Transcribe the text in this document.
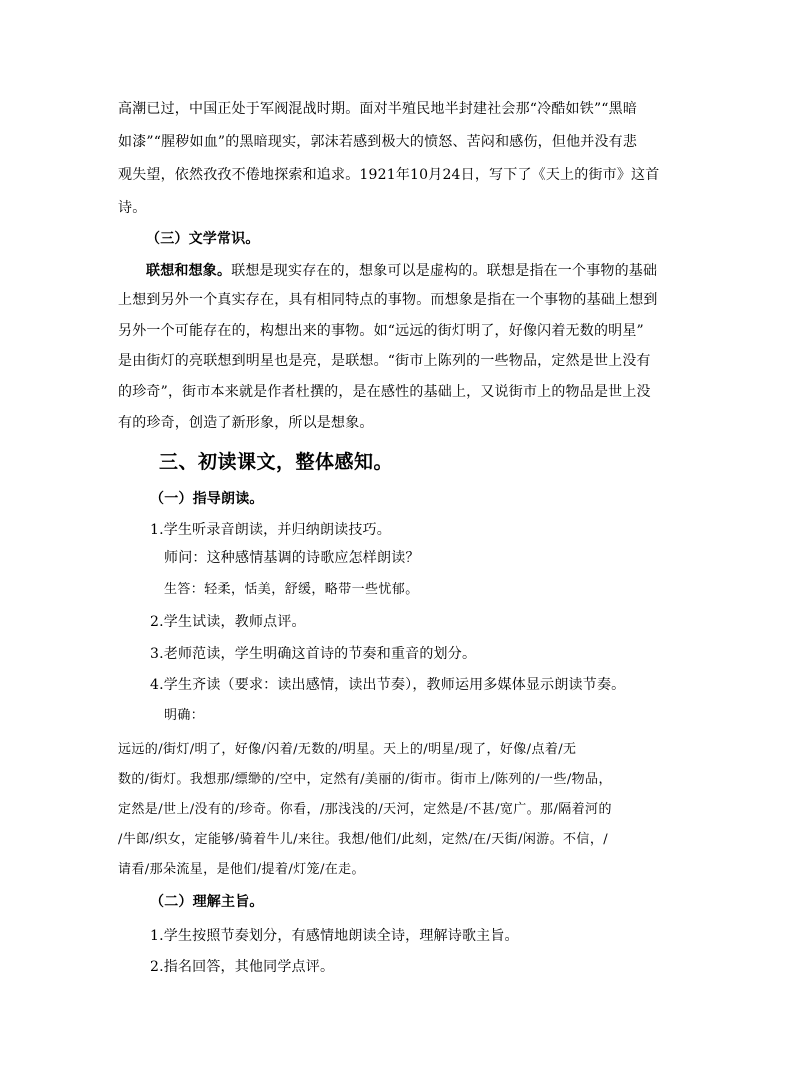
高潮已过，中国正处于军阀混战时期。面对半殖民地半封建社会那“冷酷如铁”“黑暗
如漆”“腥秽如血”的黑暗现实，郭沫若感到极大的愤怒、苦闷和感伤，但他并没有悲
观失望，依然孜孜不倦地探索和追求。1921年10月24日，写下了《天上的街市》这首
诗。
（三）文学常识。
联想和想象。联想是现实存在的，想象可以是虚构的。联想是指在一个事物的基础
上想到另外一个真实存在，具有相同特点的事物。而想象是指在一个事物的基础上想到
另外一个可能存在的，构想出来的事物。如“远远的街灯明了，好像闪着无数的明星”
是由街灯的亮联想到明星也是亮，是联想。“街市上陈列的一些物品，定然是世上没有
的珍奇”，街市本来就是作者杜撰的，是在感性的基础上，又说街市上的物品是世上没
有的珍奇，创造了新形象，所以是想象。
三、初读课文，整体感知。
（一）指导朗读。
1.学生听录音朗读，并归纳朗读技巧。
师问：这种感情基调的诗歌应怎样朗读？
生答：轻柔，恬美，舒缓，略带一些忧郁。
2.学生试读，教师点评。
3.老师范读，学生明确这首诗的节奏和重音的划分。
4.学生齐读（要求：读出感情，读出节奏），教师运用多媒体显示朗读节奏。
明确：
远远的/街灯/明了，好像/闪着/无数的/明星。天上的/明星/现了，好像/点着/无
数的/街灯。我想那/缥缈的/空中，定然有/美丽的/街市。街市上/陈列的/一些/物品，
定然是/世上/没有的/珍奇。你看，/那浅浅的/天河，定然是/不甚/宽广。那/隔着河的
/牛郎/织女，定能够/骑着牛儿/来往。我想/他们/此刻，定然/在/天街/闲游。不信，/
请看/那朵流星，是他们/提着/灯笼/在走。
（二）理解主旨。
1.学生按照节奏划分，有感情地朗读全诗，理解诗歌主旨。
2.指名回答，其他同学点评。
